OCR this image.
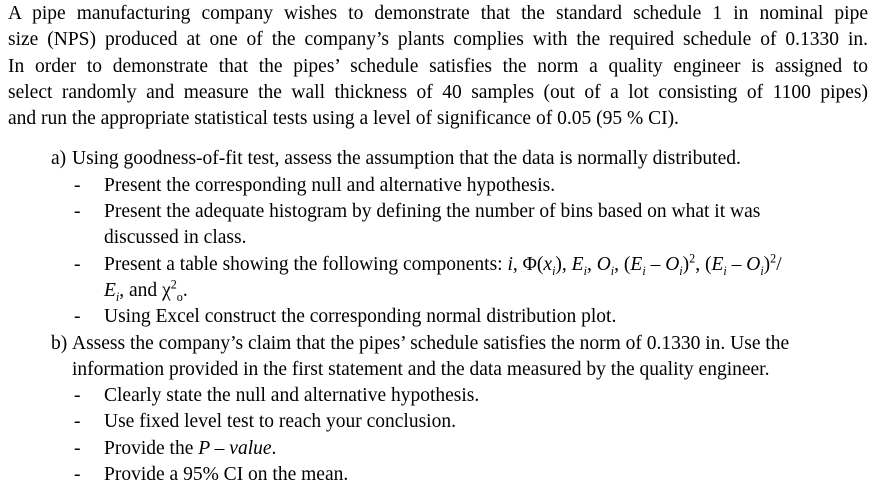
A pipe manufacturing company wishes to demonstrate that the standard schedule 1 in nominal pipe
size (NPS) produced at one of the company’s plants complies with the required schedule of 0.1330 in.
In order to demonstrate that the pipes’ schedule satisfies the norm a quality engineer is assigned to
select randomly and measure the wall thickness of 40 samples (out of a lot consisting of 1100 pipes)
and run the appropriate statistical tests using a level of significance of 0.05 (95 % CI).

a) Using goodness-of-fit test, assess the assumption that the data is normally distributed.
-	Present the corresponding null and alternative hypothesis.
-	Present the adequate histogram by defining the number of bins based on what it was
discussed in class.
-	Present a table showing the following components: i, $\Phi(x_i)$, $E_i$, $O_i$, $(E_i - O_i)^2$, $(E_i - O_i)^2/$
$E_i$, and $\chi^2_o$.
-	Using Excel construct the corresponding normal distribution plot.
b) Assess the company’s claim that the pipes’ schedule satisfies the norm of 0.1330 in. Use the
information provided in the first statement and the data measured by the quality engineer.
-	Clearly state the null and alternative hypothesis.
-	Use fixed level test to reach your conclusion.
-	Provide the P – value.
-	Provide a 95% CI on the mean.
